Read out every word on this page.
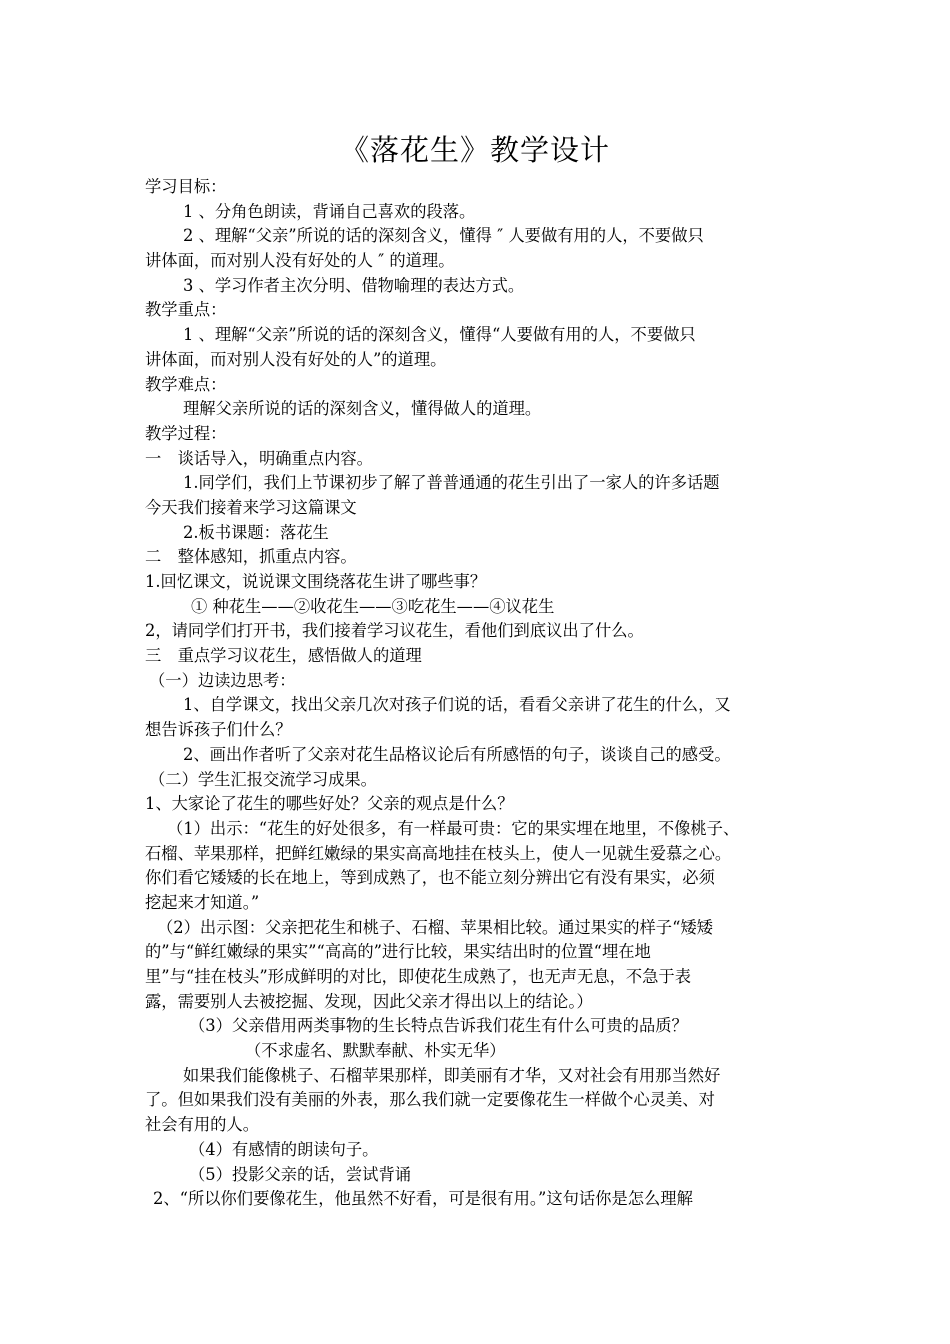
《落花生》教学设计
学习目标：
1 、分角色朗读，背诵自己喜欢的段落。
2 、理解“父亲”所说的话的深刻含义，懂得 ″ 人要做有用的人，不要做只
讲体面，而对别人没有好处的人 ″ 的道理。
3 、学习作者主次分明、借物喻理的表达方式。
教学重点：
1 、理解“父亲”所说的话的深刻含义，懂得“人要做有用的人，不要做只
讲体面，而对别人没有好处的人”的道理。
教学难点：
理解父亲所说的话的深刻含义，懂得做人的道理。
教学过程：
一　谈话导入，明确重点内容。
1.同学们，我们上节课初步了解了普普通通的花生引出了一家人的许多话题
今天我们接着来学习这篇课文
2.板书课题：落花生
二　整体感知，抓重点内容。
1.回忆课文，说说课文围绕落花生讲了哪些事？
① 种花生——②收花生——③吃花生——④议花生
2，请同学们打开书，我们接着学习议花生，看他们到底议出了什么。
三　重点学习议花生，感悟做人的道理
（一）边读边思考：
1、自学课文，找出父亲几次对孩子们说的话，看看父亲讲了花生的什么，又
想告诉孩子们什么？
2、画出作者听了父亲对花生品格议论后有所感悟的句子，谈谈自己的感受。
（二）学生汇报交流学习成果。
1、大家论了花生的哪些好处？父亲的观点是什么？
（1）出示：“花生的好处很多，有一样最可贵：它的果实埋在地里，不像桃子、
石榴、苹果那样，把鲜红嫩绿的果实高高地挂在枝头上，使人一见就生爱慕之心。
你们看它矮矮的长在地上，等到成熟了，也不能立刻分辨出它有没有果实，必须
挖起来才知道。”
（2）出示图：父亲把花生和桃子、石榴、苹果相比较。通过果实的样子“矮矮
的”与“鲜红嫩绿的果实”“高高的”进行比较，果实结出时的位置“埋在地
里”与“挂在枝头”形成鲜明的对比，即使花生成熟了，也无声无息，不急于表
露，需要别人去被挖掘、发现，因此父亲才得出以上的结论。）
（3）父亲借用两类事物的生长特点告诉我们花生有什么可贵的品质？
（不求虚名、默默奉献、朴实无华）
如果我们能像桃子、石榴苹果那样，即美丽有才华，又对社会有用那当然好
了。但如果我们没有美丽的外表，那么我们就一定要像花生一样做个心灵美、对
社会有用的人。
（4）有感情的朗读句子。
（5）投影父亲的话，尝试背诵
2、“所以你们要像花生，他虽然不好看，可是很有用。”这句话你是怎么理解
